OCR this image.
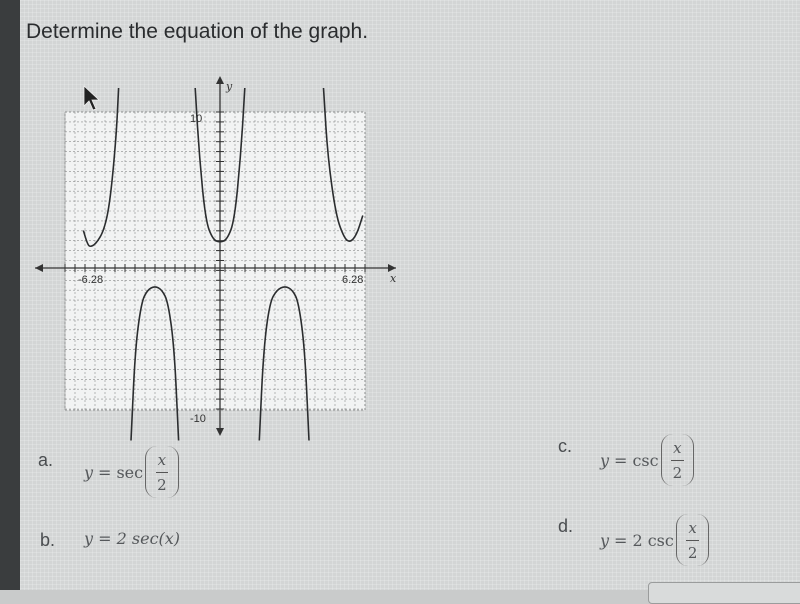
Determine the equation of the graph.
y
x
-6.28	6.28
10
-10
a.
$y = \sec \frac{x}{2}$
b. y = 2 sec(x)
c.
$y = \csc \frac{x}{2}$
d.
y = 2 $\csc \frac{x}{2}$
